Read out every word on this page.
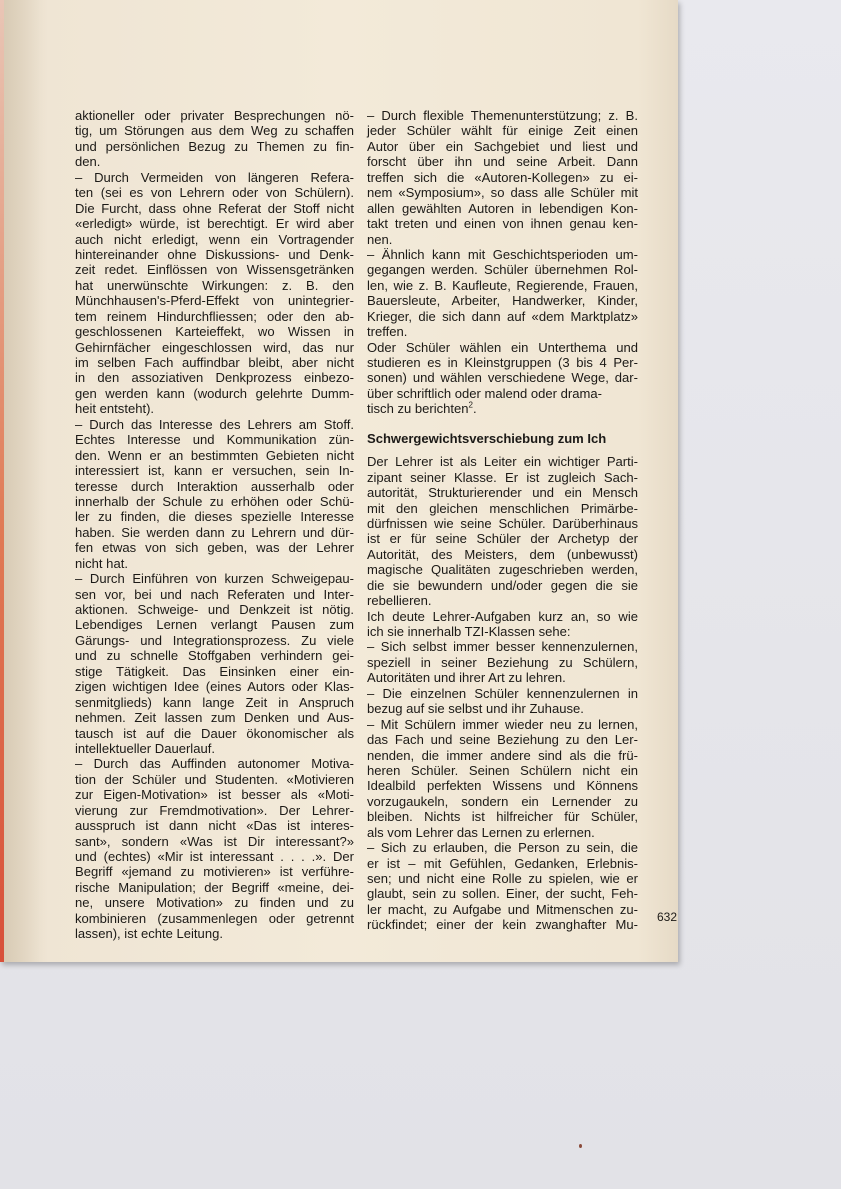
aktioneller oder privater Besprechungen nö-
tig, um Störungen aus dem Weg zu schaffen
und persönlichen Bezug zu Themen zu fin-
den.
– Durch Vermeiden von längeren Refera-
ten (sei es von Lehrern oder von Schülern).
Die Furcht, dass ohne Referat der Stoff nicht
«erledigt» würde, ist berechtigt. Er wird aber
auch nicht erledigt, wenn ein Vortragender
hintereinander ohne Diskussions- und Denk-
zeit redet. Einflössen von Wissensgetränken
hat unerwünschte Wirkungen: z. B. den
Münchhausen's-Pferd-Effekt von unintegrier-
tem reinem Hindurchfliessen; oder den ab-
geschlossenen Karteieffekt, wo Wissen in
Gehirnfächer eingeschlossen wird, das nur
im selben Fach auffindbar bleibt, aber nicht
in den assoziativen Denkprozess einbezo-
gen werden kann (wodurch gelehrte Dumm-
heit entsteht).
– Durch das Interesse des Lehrers am Stoff.
Echtes Interesse und Kommunikation zün-
den. Wenn er an bestimmten Gebieten nicht
interessiert ist, kann er versuchen, sein In-
teresse durch Interaktion ausserhalb oder
innerhalb der Schule zu erhöhen oder Schü-
ler zu finden, die dieses spezielle Interesse
haben. Sie werden dann zu Lehrern und dür-
fen etwas von sich geben, was der Lehrer
nicht hat.
– Durch Einführen von kurzen Schweigepau-
sen vor, bei und nach Referaten und Inter-
aktionen. Schweige- und Denkzeit ist nötig.
Lebendiges Lernen verlangt Pausen zum
Gärungs- und Integrationsprozess. Zu viele
und zu schnelle Stoffgaben verhindern gei-
stige Tätigkeit. Das Einsinken einer ein-
zigen wichtigen Idee (eines Autors oder Klas-
senmitglieds) kann lange Zeit in Anspruch
nehmen. Zeit lassen zum Denken und Aus-
tausch ist auf die Dauer ökonomischer als
intellektueller Dauerlauf.
– Durch das Auffinden autonomer Motiva-
tion der Schüler und Studenten. «Motivieren
zur Eigen-Motivation» ist besser als «Moti-
vierung zur Fremdmotivation». Der Lehrer-
ausspruch ist dann nicht «Das ist interes-
sant», sondern «Was ist Dir interessant?»
und (echtes) «Mir ist interessant . . . .». Der
Begriff «jemand zu motivieren» ist verführe-
rische Manipulation; der Begriff «meine, dei-
ne, unsere Motivation» zu finden und zu
kombinieren (zusammenlegen oder getrennt
lassen), ist echte Leitung.
– Durch flexible Themenunterstützung; z. B.
jeder Schüler wählt für einige Zeit einen
Autor über ein Sachgebiet und liest und
forscht über ihn und seine Arbeit. Dann
treffen sich die «Autoren-Kollegen» zu ei-
nem «Symposium», so dass alle Schüler mit
allen gewählten Autoren in lebendigen Kon-
takt treten und einen von ihnen genau ken-
nen.
– Ähnlich kann mit Geschichtsperioden um-
gegangen werden. Schüler übernehmen Rol-
len, wie z. B. Kaufleute, Regierende, Frauen,
Bauersleute, Arbeiter, Handwerker, Kinder,
Krieger, die sich dann auf «dem Marktplatz»
treffen.
Oder Schüler wählen ein Unterthema und
studieren es in Kleinstgruppen (3 bis 4 Per-
sonen) und wählen verschiedene Wege, dar-
über schriftlich oder malend oder drama-
tisch zu berichten$^2$.
Schwergewichtsverschiebung zum Ich
Der Lehrer ist als Leiter ein wichtiger Parti-
zipant seiner Klasse. Er ist zugleich Sach-
autorität, Strukturierender und ein Mensch
mit den gleichen menschlichen Primärbe-
dürfnissen wie seine Schüler. Darüberhinaus
ist er für seine Schüler der Archetyp der
Autorität, des Meisters, dem (unbewusst)
magische Qualitäten zugeschrieben werden,
die sie bewundern und/oder gegen die sie
rebellieren.
Ich deute Lehrer-Aufgaben kurz an, so wie
ich sie innerhalb TZI-Klassen sehe:
– Sich selbst immer besser kennenzulernen,
speziell in seiner Beziehung zu Schülern,
Autoritäten und ihrer Art zu lehren.
– Die einzelnen Schüler kennenzulernen in
bezug auf sie selbst und ihr Zuhause.
– Mit Schülern immer wieder neu zu lernen,
das Fach und seine Beziehung zu den Ler-
nenden, die immer andere sind als die frü-
heren Schüler. Seinen Schülern nicht ein
Idealbild perfekten Wissens und Könnens
vorzugaukeln, sondern ein Lernender zu
bleiben. Nichts ist hilfreicher für Schüler,
als vom Lehrer das Lernen zu erlernen.
– Sich zu erlauben, die Person zu sein, die
er ist – mit Gefühlen, Gedanken, Erlebnis-
sen; und nicht eine Rolle zu spielen, wie er
glaubt, sein zu sollen. Einer, der sucht, Feh-
ler macht, zu Aufgabe und Mitmenschen zu-
rückfindet; einer der kein zwanghafter Mu-
632
